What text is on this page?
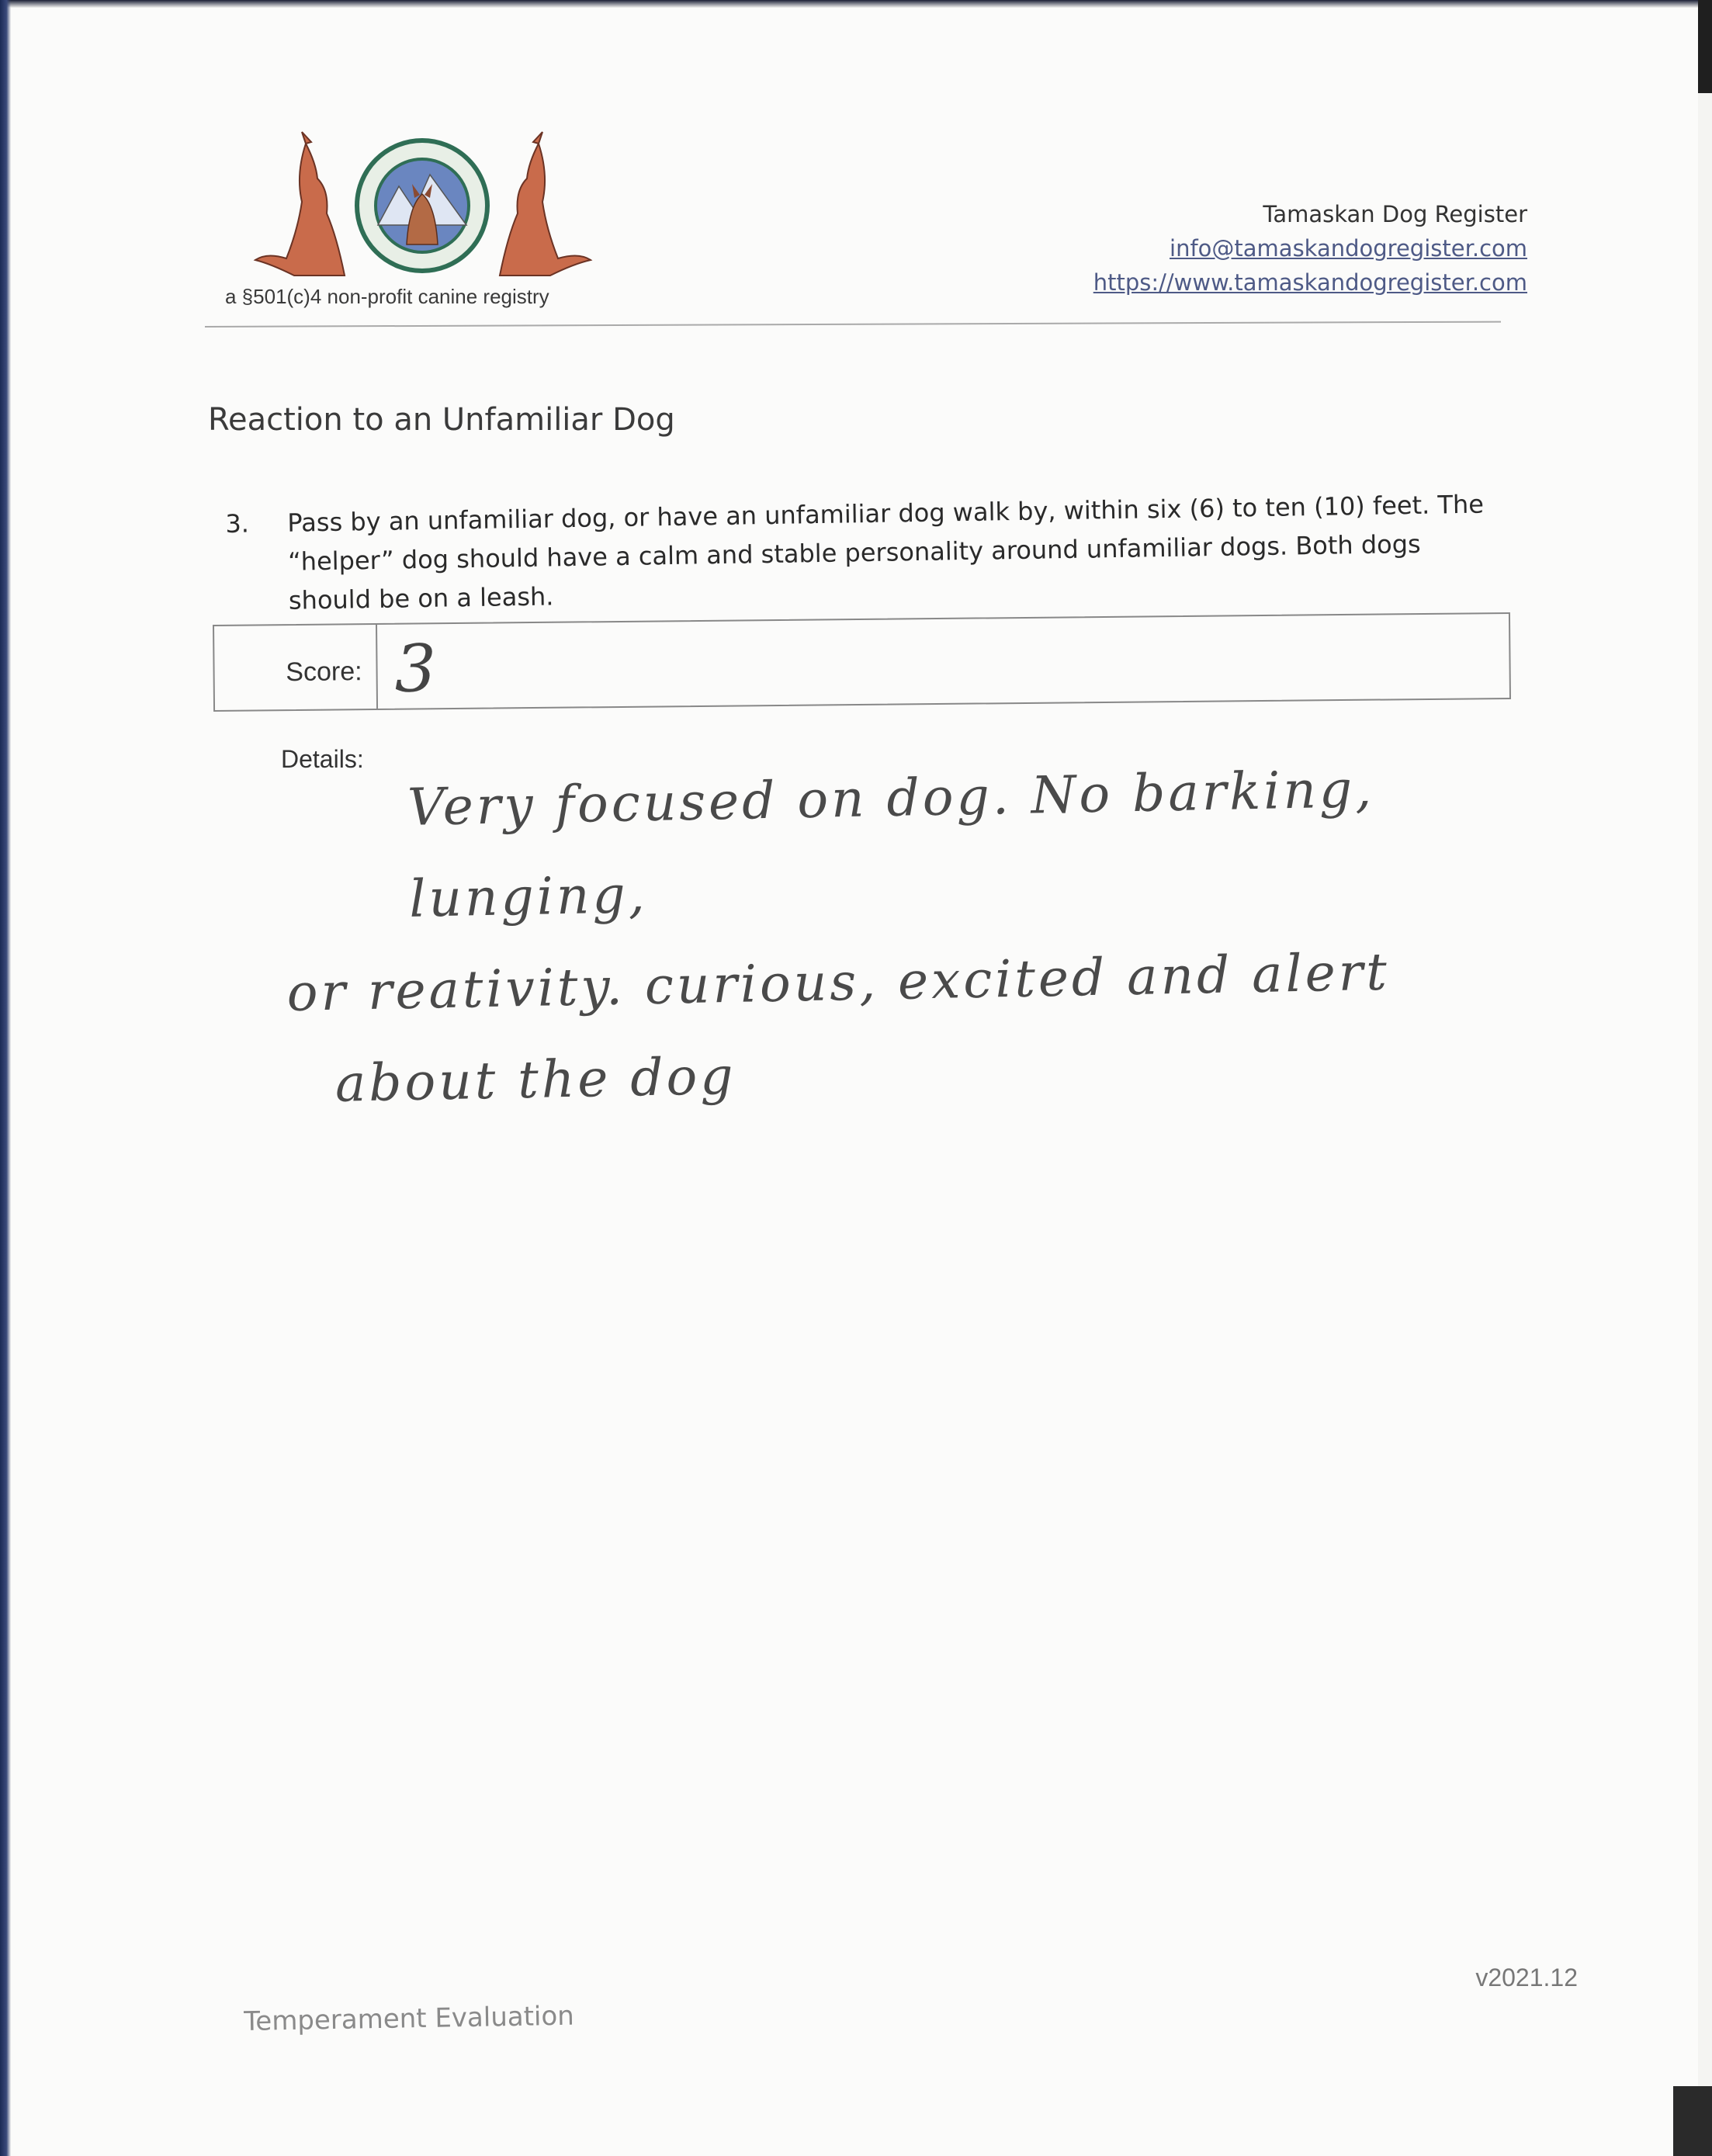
a §501(c)4 non-profit canine registry
Tamaskan Dog Register
info@tamaskandogregister.com
https://www.tamaskandogregister.com
Reaction to an Unfamiliar Dog
3. Pass by an unfamiliar dog, or have an unfamiliar dog walk by, within six (6) to ten (10) feet. The “helper” dog should have a calm and stable personality around unfamiliar dogs. Both dogs should be on a leash.
Score: 3
Details:
Very focused on dog. No barking, lunging,
or reativity. curious, excited and alert
about the dog
v2021.12
Temperament Evaluation
